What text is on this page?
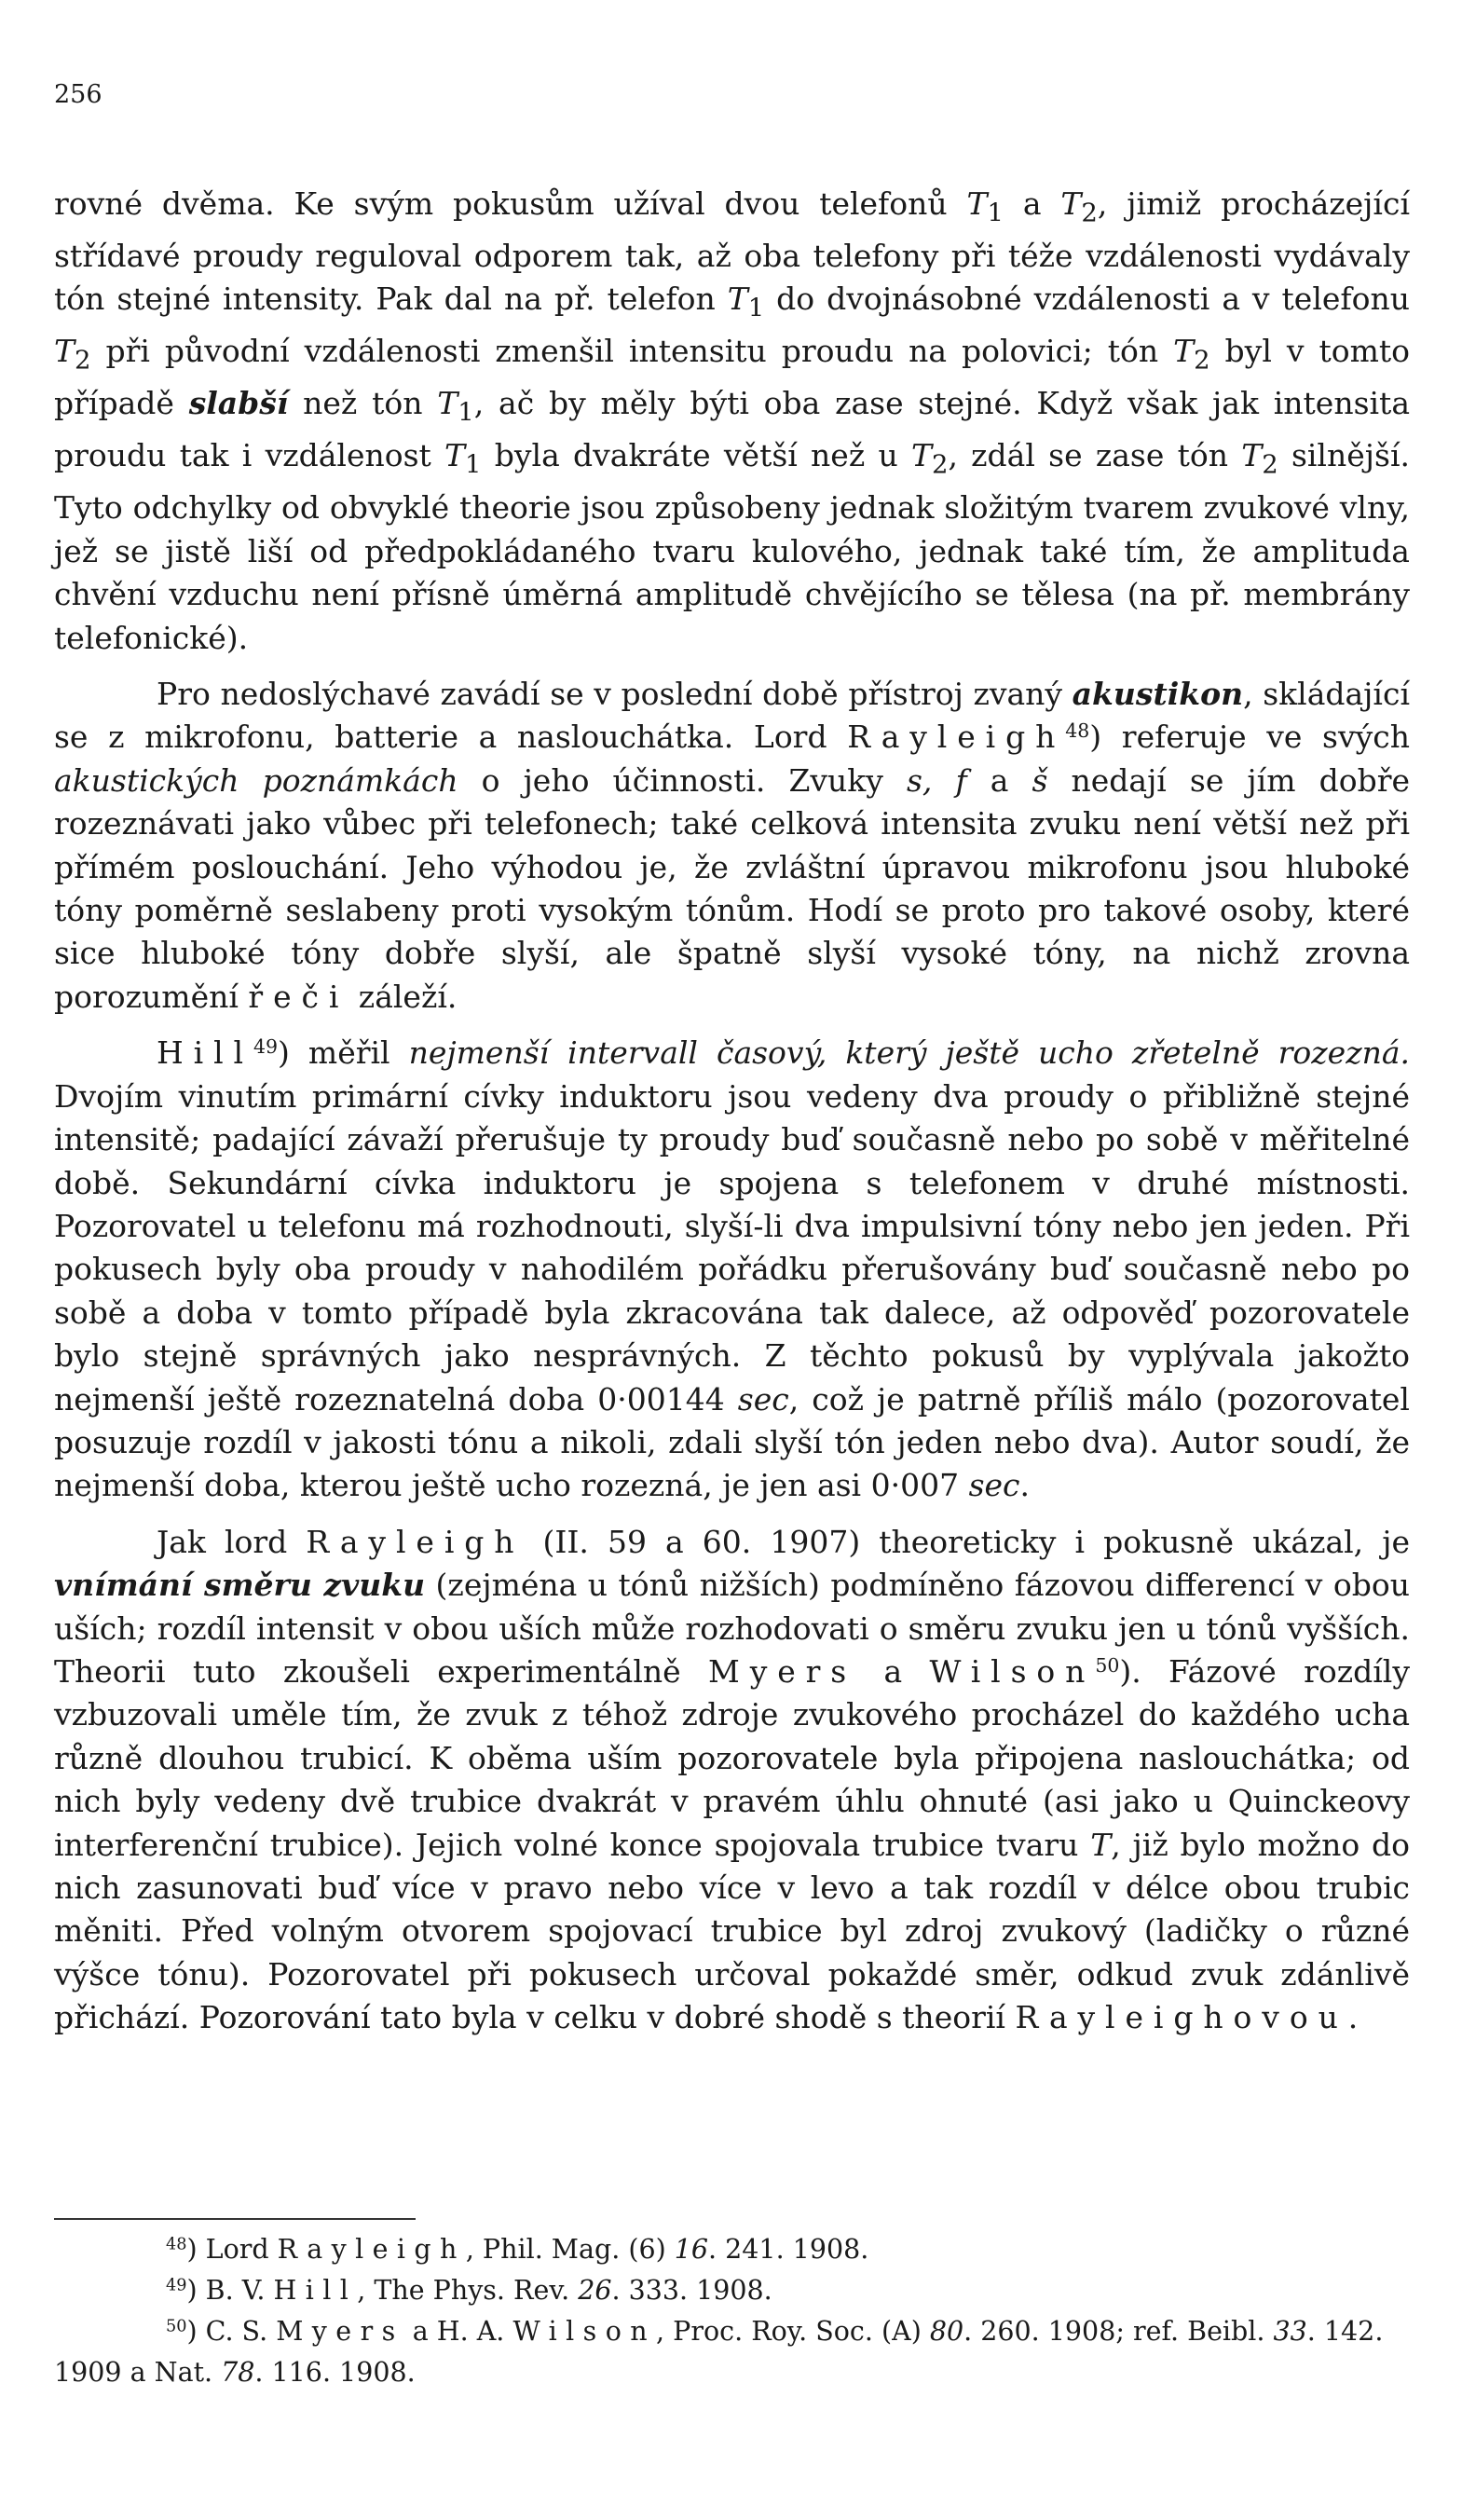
256

rovné dvěma. Ke svým pokusům užíval dvou telefonů $T_1$ a $T_2$, jimiž procházející střídavé proudy reguloval odporem tak, až oba telefony při téže vzdálenosti vydávaly tón stejné intensity. Pak dal na př. telefon $T_1$ do dvojnásobné vzdálenosti a v telefonu $T_2$ při původní vzdálenosti zmenšil intensitu proudu na polovici; tón $T_2$ byl v tomto případě slabší než tón $T_1$, ač by měly býti oba zase stejné. Když však jak intensita proudu tak i vzdálenost $T_1$ byla dvakráte větší než u $T_2$, zdál se zase tón $T_2$ silnější. Tyto odchylky od obvyklé theorie jsou způsobeny jednak složitým tvarem zvukové vlny, jež se jistě liší od předpokládaného tvaru kulového, jednak také tím, že amplituda chvění vzduchu není přísně úměrná amplitudě chvějícího se tělesa (na př. membrány telefonické).

Pro nedoslýchavé zavádí se v poslední době přístroj zvaný akustikon, skládající se z mikrofonu, batterie a naslouchátka. Lord Rayleigh$^{48}$) referuje ve svých akustických poznámkách o jeho účinnosti. Zvuky s, f a š nedají se jím dobře rozeznávati jako vůbec při telefonech; také celková intensita zvuku není větší než při přímém poslouchání. Jeho výhodou je, že zvláštní úpravou mikrofonu jsou hluboké tóny poměrně seslabeny proti vysokým tónům. Hodí se proto pro takové osoby, které sice hluboké tóny dobře slyší, ale špatně slyší vysoké tóny, na nichž zrovna porozumění řeči záleží.

Hill$^{49}$) měřil nejmenší intervall časový, který ještě ucho zřetelně rozezná. Dvojím vinutím primární cívky induktoru jsou vedeny dva proudy o přibližně stejné intensitě; padající závaží přerušuje ty proudy buď současně nebo po sobě v měřitelné době. Sekundární cívka induktoru je spojena s telefonem v druhé místnosti. Pozorovatel u telefonu má rozhodnouti, slyší-li dva impulsivní tóny nebo jen jeden. Při pokusech byly oba proudy v nahodilém pořádku přerušovány buď současně nebo po sobě a doba v tomto případě byla zkracována tak dalece, až odpověď pozorovatele bylo stejně správných jako nesprávných. Z těchto pokusů by vyplývala jakožto nejmenší ještě rozeznatelná doba 0·00144 sec, což je patrně příliš málo (pozorovatel posuzuje rozdíl v jakosti tónu a nikoli, zdali slyší tón jeden nebo dva). Autor soudí, že nejmenší doba, kterou ještě ucho rozezná, je jen asi 0·007 sec.

Jak lord Rayleigh (II. 59 a 60. 1907) theoreticky i pokusně ukázal, je vnímání směru zvuku (zejména u tónů nižších) podmíněno fázovou differencí v obou uších; rozdíl intensit v obou uších může rozhodovati o směru zvuku jen u tónů vyšších. Theorii tuto zkoušeli experimentálně Myers a Wilson$^{50}$). Fázové rozdíly vzbuzovali uměle tím, že zvuk z téhož zdroje zvukového procházel do každého ucha různě dlouhou trubicí. K oběma uším pozorovatele byla připojena naslouchátka; od nich byly vedeny dvě trubice dvakrát v pravém úhlu ohnuté (asi jako u Quinckeovy interferenční trubice). Jejich volné konce spojovala trubice tvaru T, již bylo možno do nich zasunovati buď více v pravo nebo více v levo a tak rozdíl v délce obou trubic měniti. Před volným otvorem spojovací trubice byl zdroj zvukový (ladičky o různé výšce tónu). Pozorovatel při pokusech určoval pokaždé směr, odkud zvuk zdánlivě přichází. Pozorování tato byla v celku v dobré shodě s theorií Rayleighovou.

$^{48}$) Lord Rayleigh, Phil. Mag. (6) 16. 241. 1908.

$^{49}$) B. V. Hill, The Phys. Rev. 26. 333. 1908.

$^{50}$) C. S. Myers a H. A. Wilson, Proc. Roy. Soc. (A) 80. 260. 1908; ref. Beibl. 33. 142. 1909 a Nat. 78. 116. 1908.
